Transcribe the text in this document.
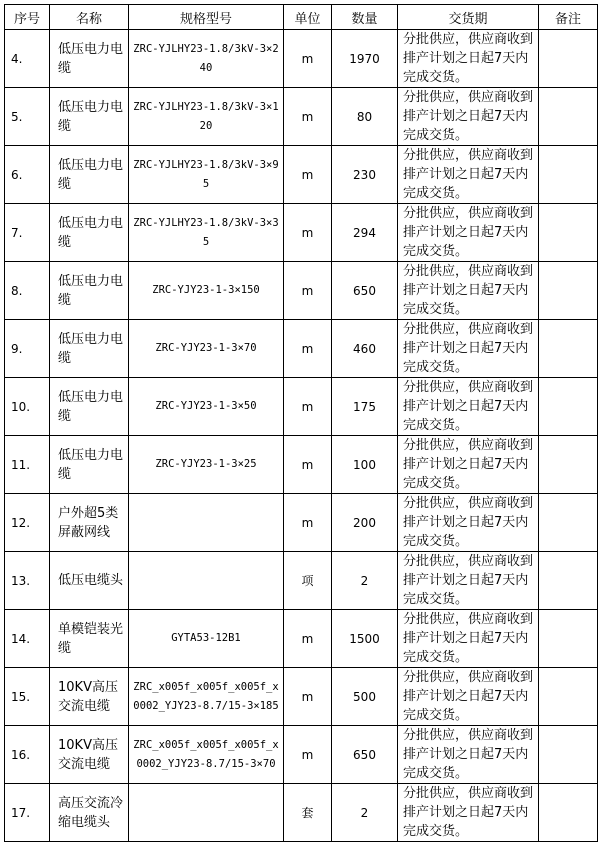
序号	名称	规格型号	单位	数量	交货期	备注
4.	低压电力电缆	ZRC-YJLHY23-1.8/3kV-3×240	m	1970	分批供应，供应商收到排产计划之日起7天内完成交货。	
5.	低压电力电缆	ZRC-YJLHY23-1.8/3kV-3×120	m	80	分批供应，供应商收到排产计划之日起7天内完成交货。	
6.	低压电力电缆	ZRC-YJLHY23-1.8/3kV-3×95	m	230	分批供应，供应商收到排产计划之日起7天内完成交货。	
7.	低压电力电缆	ZRC-YJLHY23-1.8/3kV-3×35	m	294	分批供应，供应商收到排产计划之日起7天内完成交货。	
8.	低压电力电缆	ZRC-YJY23-1-3×150	m	650	分批供应，供应商收到排产计划之日起7天内完成交货。	
9.	低压电力电缆	ZRC-YJY23-1-3×70	m	460	分批供应，供应商收到排产计划之日起7天内完成交货。	
10.	低压电力电缆	ZRC-YJY23-1-3×50	m	175	分批供应，供应商收到排产计划之日起7天内完成交货。	
11.	低压电力电缆	ZRC-YJY23-1-3×25	m	100	分批供应，供应商收到排产计划之日起7天内完成交货。	
12.	户外超5类屏蔽网线		m	200	分批供应，供应商收到排产计划之日起7天内完成交货。	
13.	低压电缆头		项	2	分批供应，供应商收到排产计划之日起7天内完成交货。	
14.	单模铠装光缆	GYTA53-12B1	m	1500	分批供应，供应商收到排产计划之日起7天内完成交货。	
15.	10KV高压交流电缆	ZRC_x005f_x005f_x005f_x0002_YJY23-8.7/15-3×185	m	500	分批供应，供应商收到排产计划之日起7天内完成交货。	
16.	10KV高压交流电缆	ZRC_x005f_x005f_x005f_x0002_YJY23-8.7/15-3×70	m	650	分批供应，供应商收到排产计划之日起7天内完成交货。	
17.	高压交流冷缩电缆头		套	2	分批供应，供应商收到排产计划之日起7天内完成交货。	
